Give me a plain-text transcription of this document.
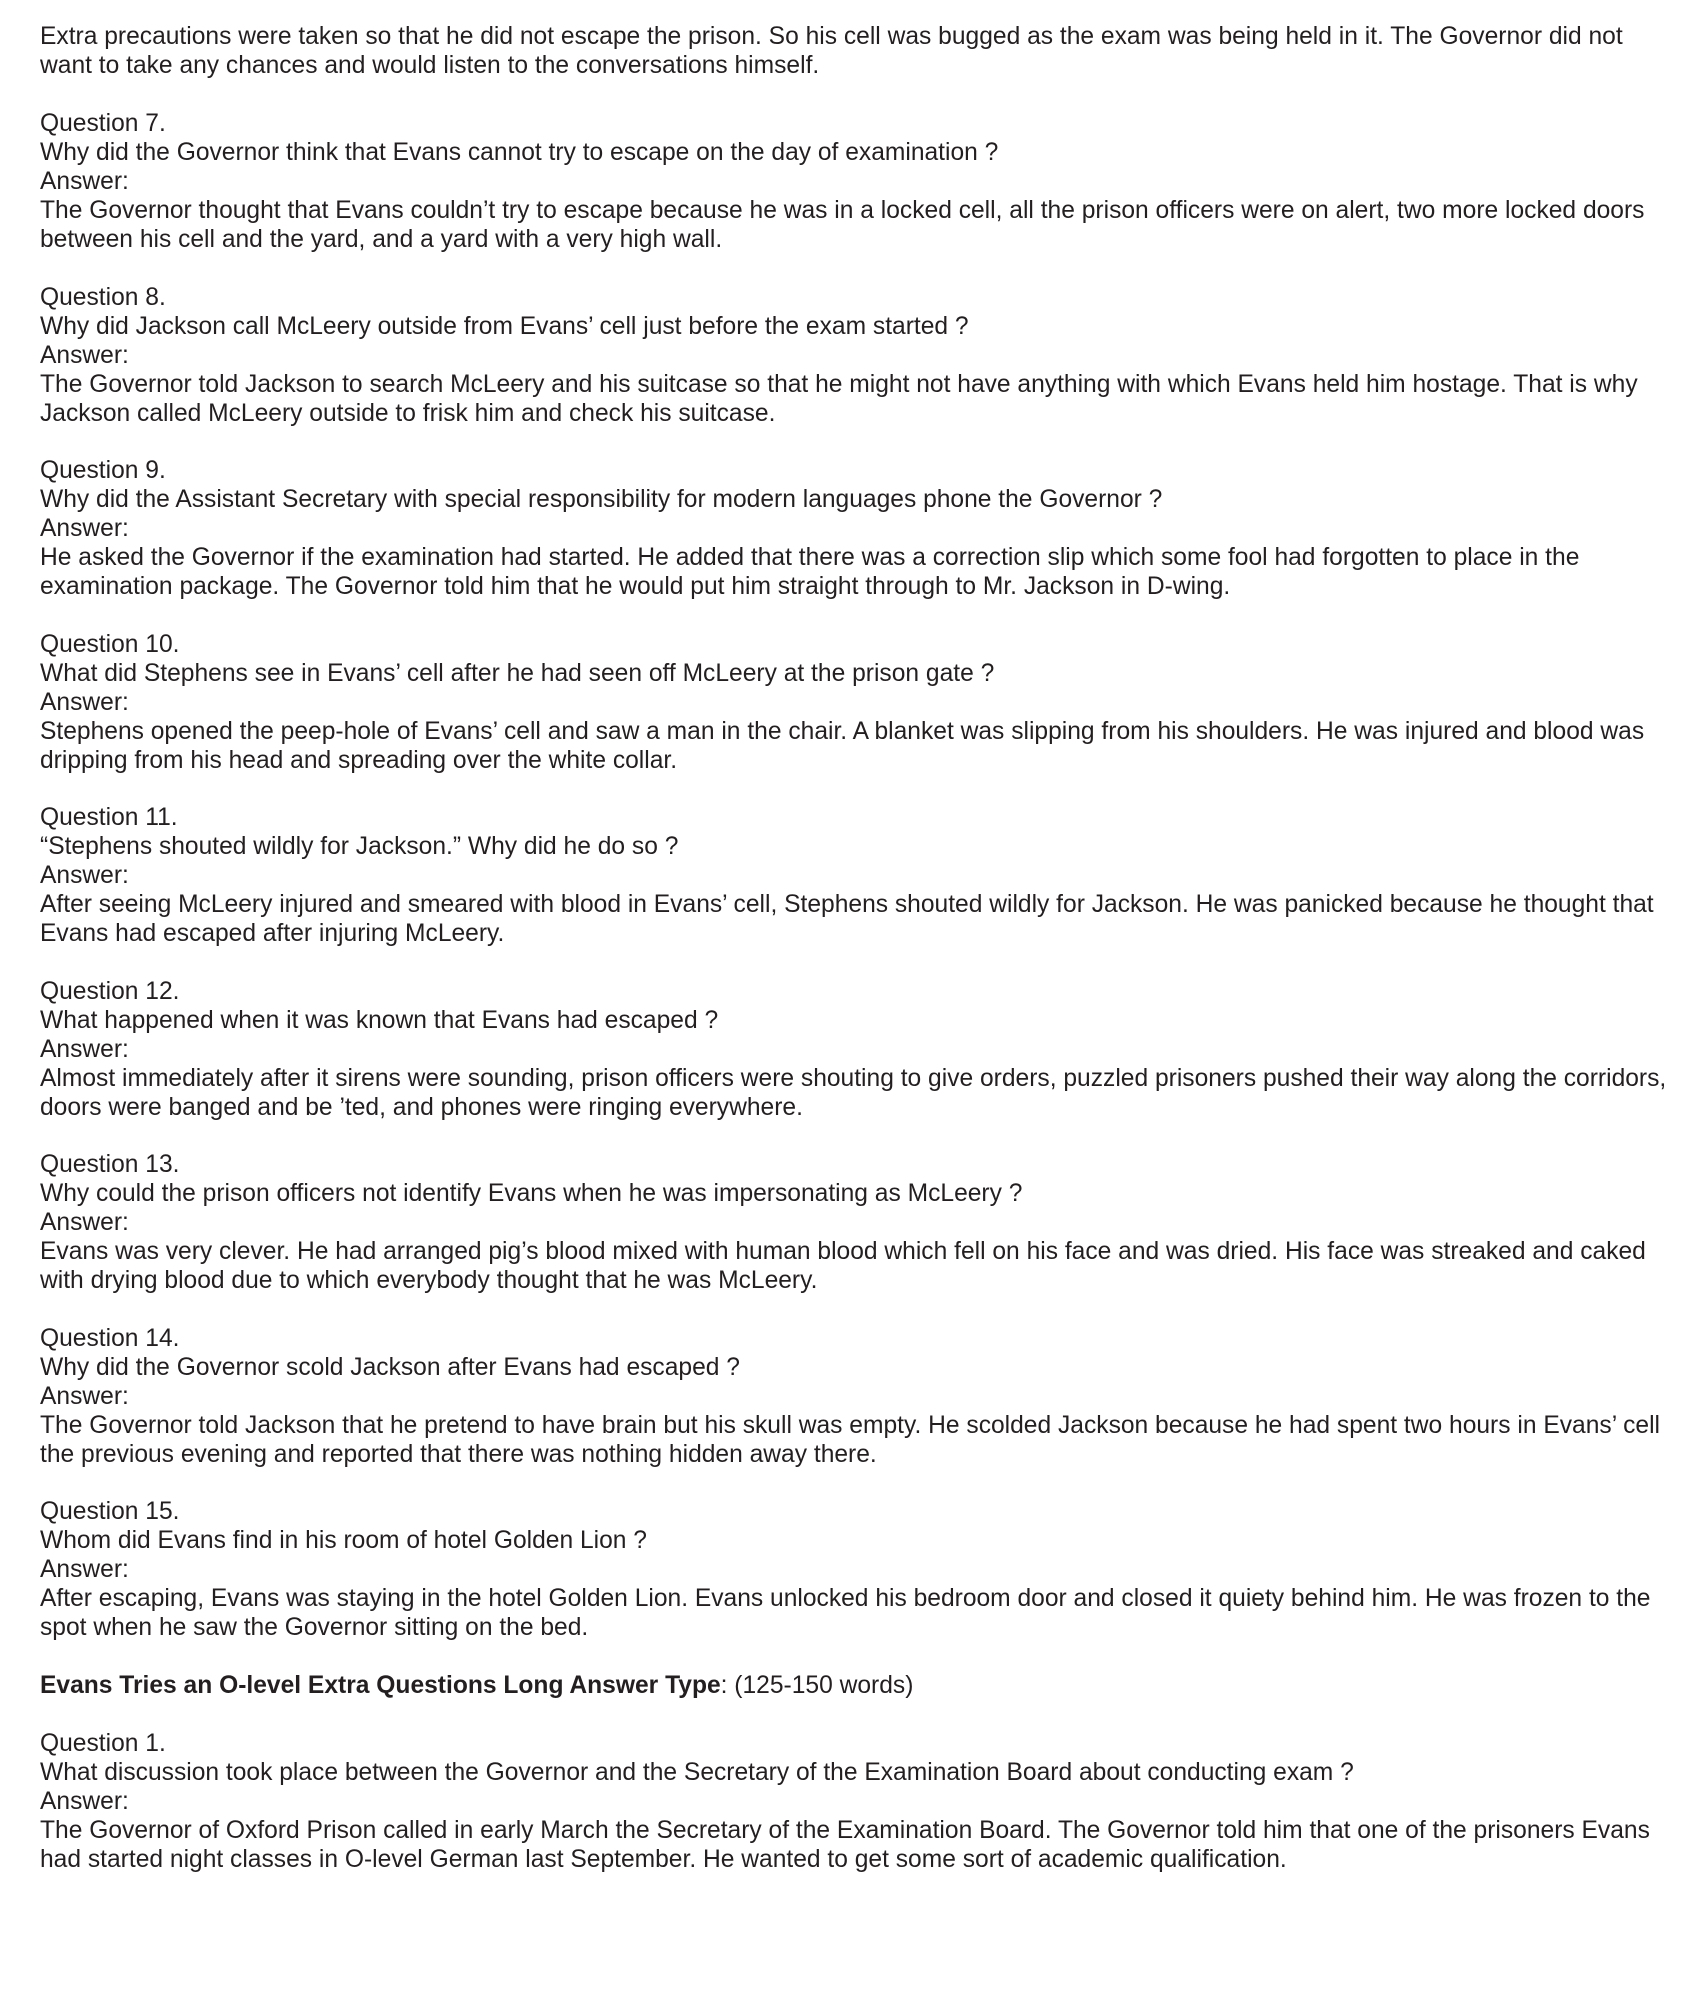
Extra precautions were taken so that he did not escape the prison. So his cell was bugged as the exam was being held in it. The Governor did not want to take any chances and would listen to the conversations himself.

Question 7.
Why did the Governor think that Evans cannot try to escape on the day of examination ?
Answer:
The Governor thought that Evans couldn’t try to escape because he was in a locked cell, all the prison officers were on alert, two more locked doors between his cell and the yard, and a yard with a very high wall.
Question 8.
Why did Jackson call McLeery outside from Evans’ cell just before the exam started ?
Answer:
The Governor told Jackson to search McLeery and his suitcase so that he might not have anything with which Evans held him hostage. That is why Jackson called McLeery outside to frisk him and check his suitcase.
Question 9.
Why did the Assistant Secretary with special responsibility for modern languages phone the Governor ?
Answer:
He asked the Governor if the examination had started. He added that there was a correction slip which some fool had forgotten to place in the examination package. The Governor told him that he would put him straight through to Mr. Jackson in D-wing.
Question 10.
What did Stephens see in Evans’ cell after he had seen off McLeery at the prison gate ?
Answer:
Stephens opened the peep-hole of Evans’ cell and saw a man in the chair. A blanket was slipping from his shoulders. He was injured and blood was dripping from his head and spreading over the white collar.
Question 11.
“Stephens shouted wildly for Jackson.” Why did he do so ?
Answer:
After seeing McLeery injured and smeared with blood in Evans’ cell, Stephens shouted wildly for Jackson. He was panicked because he thought that Evans had escaped after injuring McLeery.
Question 12.
What happened when it was known that Evans had escaped ?
Answer:
Almost immediately after it sirens were sounding, prison officers were shouting to give orders, puzzled prisoners pushed their way along the corridors, doors were banged and be ’ted, and phones were ringing everywhere.
Question 13.
Why could the prison officers not identify Evans when he was impersonating as McLeery ?
Answer:
Evans was very clever. He had arranged pig’s blood mixed with human blood which fell on his face and was dried. His face was streaked and caked with drying blood due to which everybody thought that he was McLeery.
Question 14.
Why did the Governor scold Jackson after Evans had escaped ?
Answer:
The Governor told Jackson that he pretend to have brain but his skull was empty. He scolded Jackson because he had spent two hours in Evans’ cell the previous evening and reported that there was nothing hidden away there.
Question 15.
Whom did Evans find in his room of hotel Golden Lion ?
Answer:
After escaping, Evans was staying in the hotel Golden Lion. Evans unlocked his bedroom door and closed it quiety behind him. He was frozen to the spot when he saw the Governor sitting on the bed.

Evans Tries an O-level Extra Questions Long Answer Type: (125-150 words)

Question 1.
What discussion took place between the Governor and the Secretary of the Examination Board about conducting exam ?
Answer:
The Governor of Oxford Prison called in early March the Secretary of the Examination Board. The Governor told him that one of the prisoners Evans had started night classes in O-level German last September. He wanted to get some sort of academic qualification.
